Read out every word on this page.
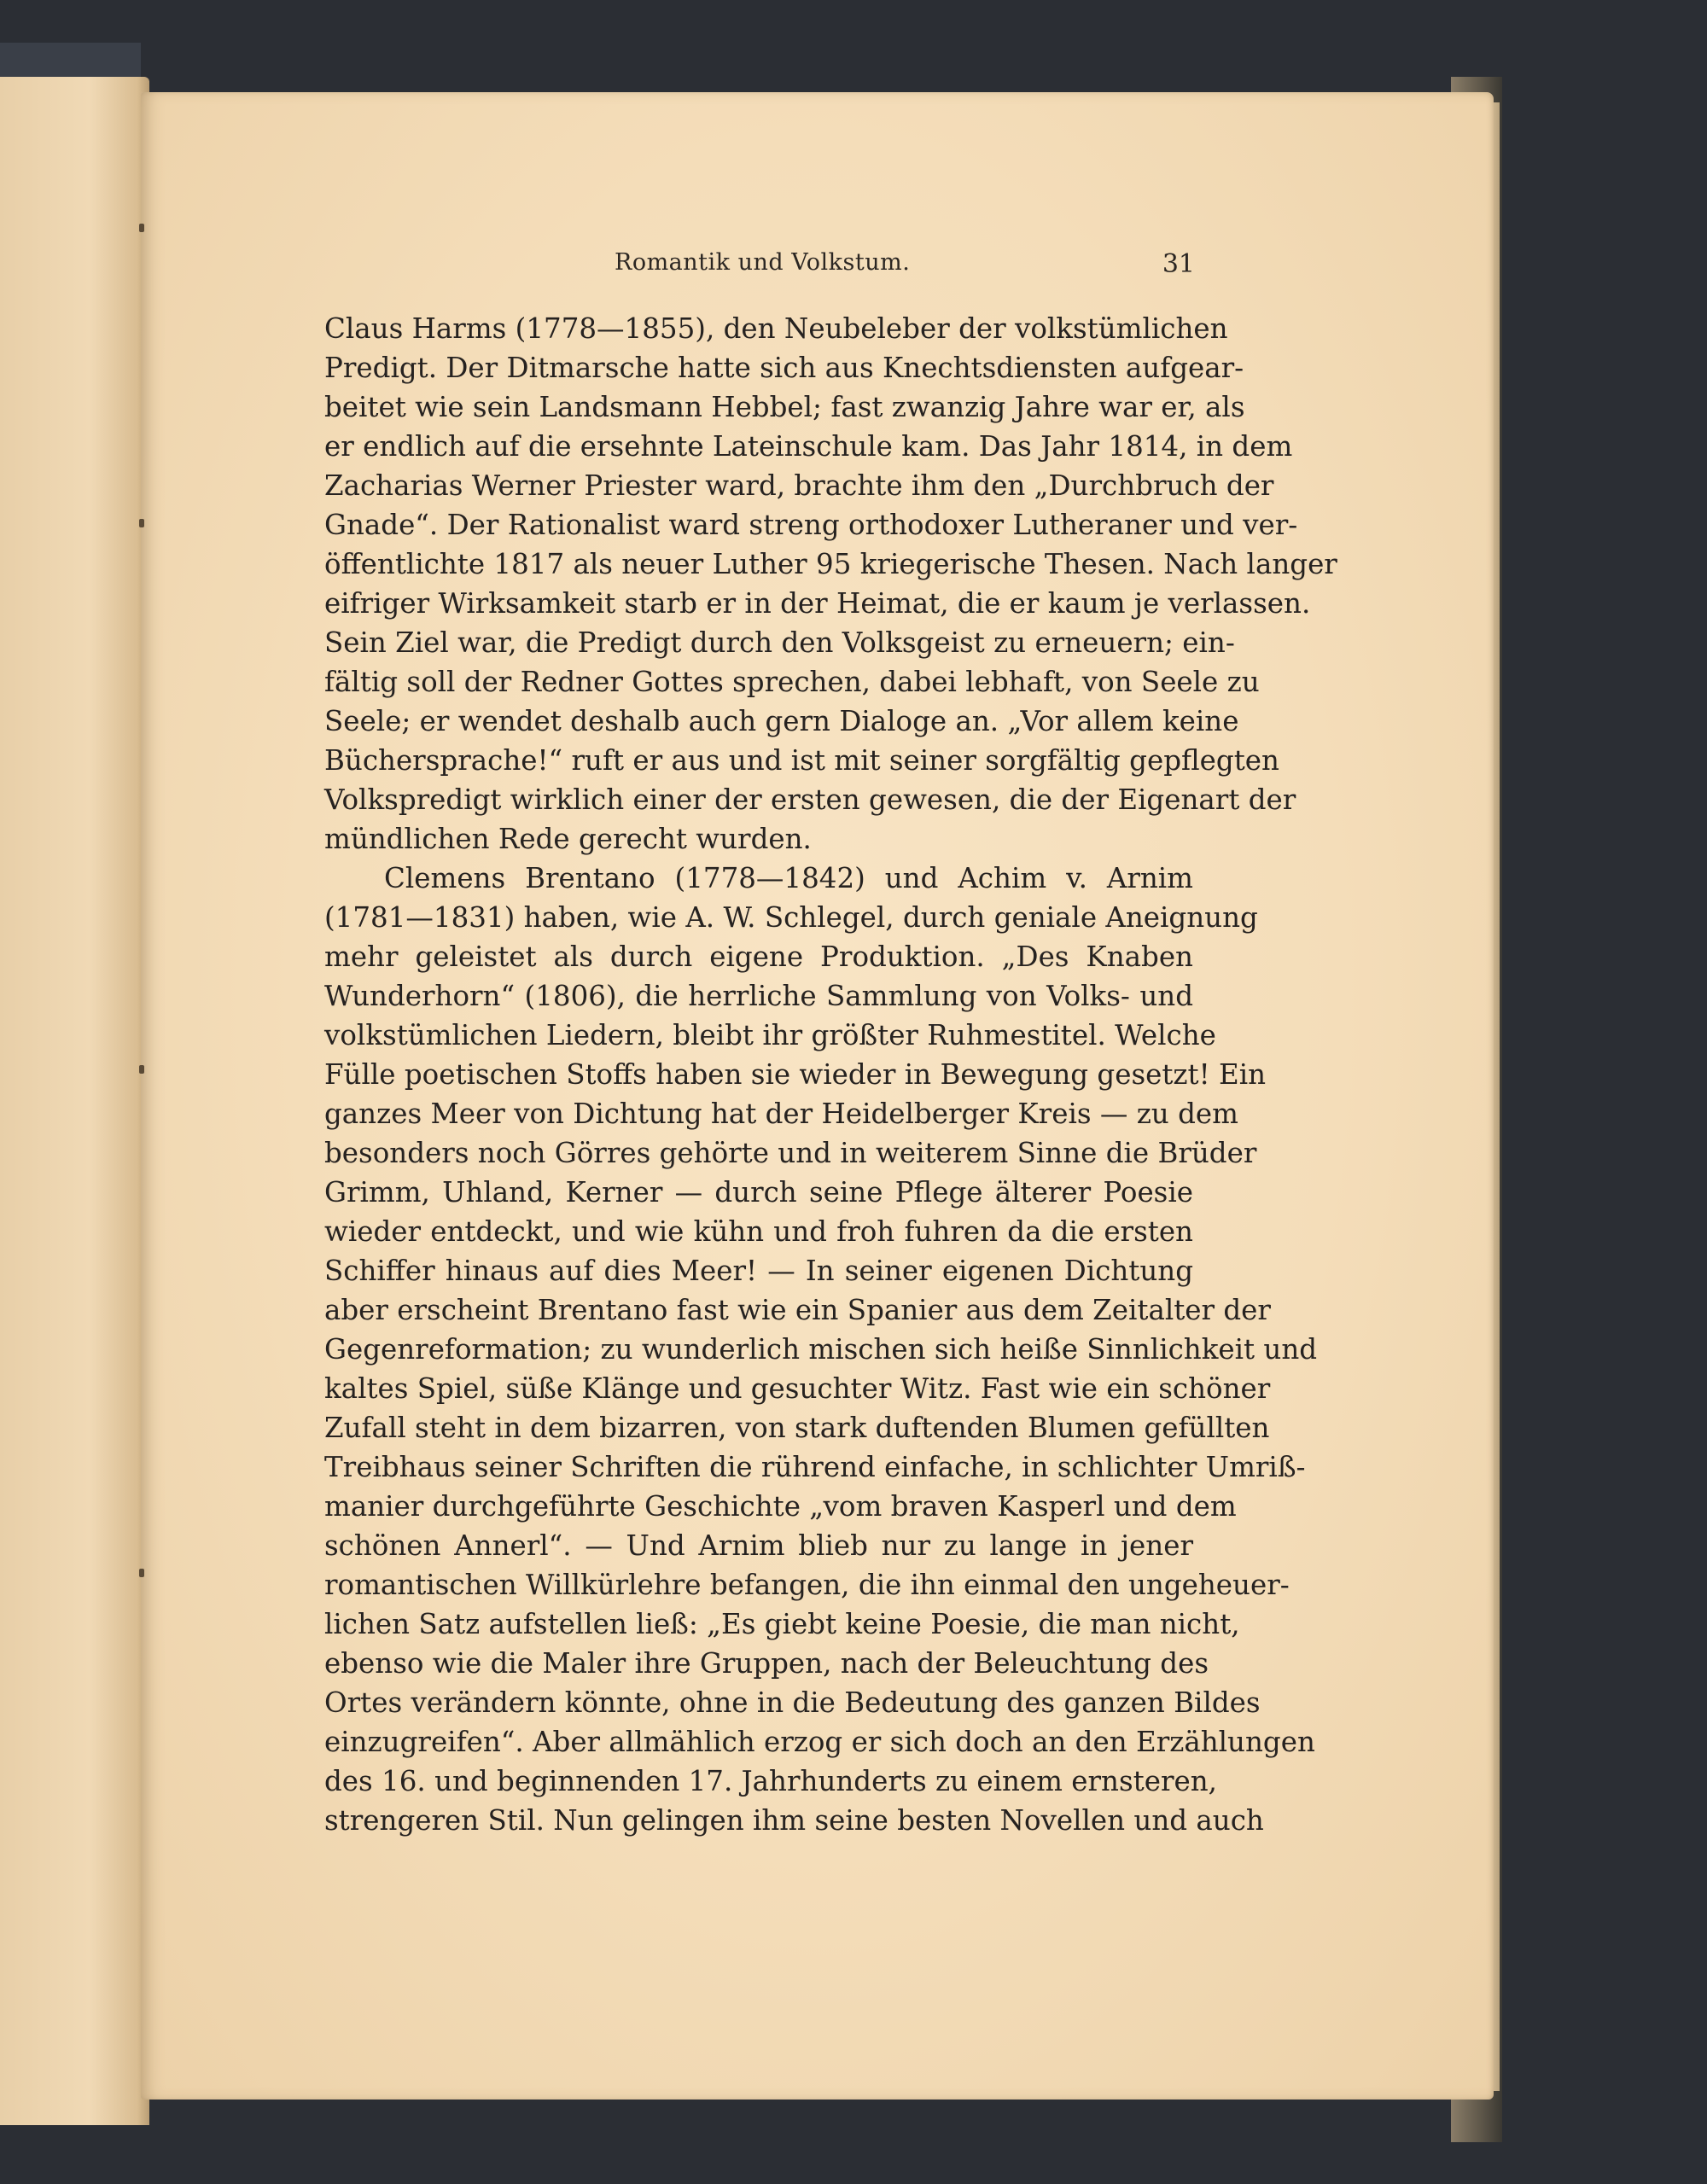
Romantik und Volkstum.	31
Claus Harms (1778—1855), den Neubeleber der volkstümlichen
Predigt. Der Ditmarsche hatte sich aus Knechtsdiensten aufgear-
beitet wie sein Landsmann Hebbel; fast zwanzig Jahre war er, als
er endlich auf die ersehnte Lateinschule kam. Das Jahr 1814, in dem
Zacharias Werner Priester ward, brachte ihm den „Durchbruch der
Gnade“. Der Rationalist ward streng orthodoxer Lutheraner und ver-
öffentlichte 1817 als neuer Luther 95 kriegerische Thesen. Nach langer
eifriger Wirksamkeit starb er in der Heimat, die er kaum je verlassen.
Sein Ziel war, die Predigt durch den Volksgeist zu erneuern; ein-
fältig soll der Redner Gottes sprechen, dabei lebhaft, von Seele zu
Seele; er wendet deshalb auch gern Dialoge an. „Vor allem keine
Büchersprache!“ ruft er aus und ist mit seiner sorgfältig gepflegten
Volkspredigt wirklich einer der ersten gewesen, die der Eigenart der
mündlichen Rede gerecht wurden.
Clemens Brentano (1778—1842) und Achim v. Arnim
(1781—1831) haben, wie A. W. Schlegel, durch geniale Aneignung
mehr geleistet als durch eigene Produktion. „Des Knaben
Wunderhorn“ (1806), die herrliche Sammlung von Volks- und
volkstümlichen Liedern, bleibt ihr größter Ruhmestitel. Welche
Fülle poetischen Stoffs haben sie wieder in Bewegung gesetzt! Ein
ganzes Meer von Dichtung hat der Heidelberger Kreis — zu dem
besonders noch Görres gehörte und in weiterem Sinne die Brüder
Grimm, Uhland, Kerner — durch seine Pflege älterer Poesie
wieder entdeckt, und wie kühn und froh fuhren da die ersten
Schiffer hinaus auf dies Meer! — In seiner eigenen Dichtung
aber erscheint Brentano fast wie ein Spanier aus dem Zeitalter der
Gegenreformation; zu wunderlich mischen sich heiße Sinnlichkeit und
kaltes Spiel, süße Klänge und gesuchter Witz. Fast wie ein schöner
Zufall steht in dem bizarren, von stark duftenden Blumen gefüllten
Treibhaus seiner Schriften die rührend einfache, in schlichter Umriß-
manier durchgeführte Geschichte „vom braven Kasperl und dem
schönen Annerl“. — Und Arnim blieb nur zu lange in jener
romantischen Willkürlehre befangen, die ihn einmal den ungeheuer-
lichen Satz aufstellen ließ: „Es giebt keine Poesie, die man nicht,
ebenso wie die Maler ihre Gruppen, nach der Beleuchtung des
Ortes verändern könnte, ohne in die Bedeutung des ganzen Bildes
einzugreifen“. Aber allmählich erzog er sich doch an den Erzählungen
des 16. und beginnenden 17. Jahrhunderts zu einem ernsteren,
strengeren Stil. Nun gelingen ihm seine besten Novellen und auch
